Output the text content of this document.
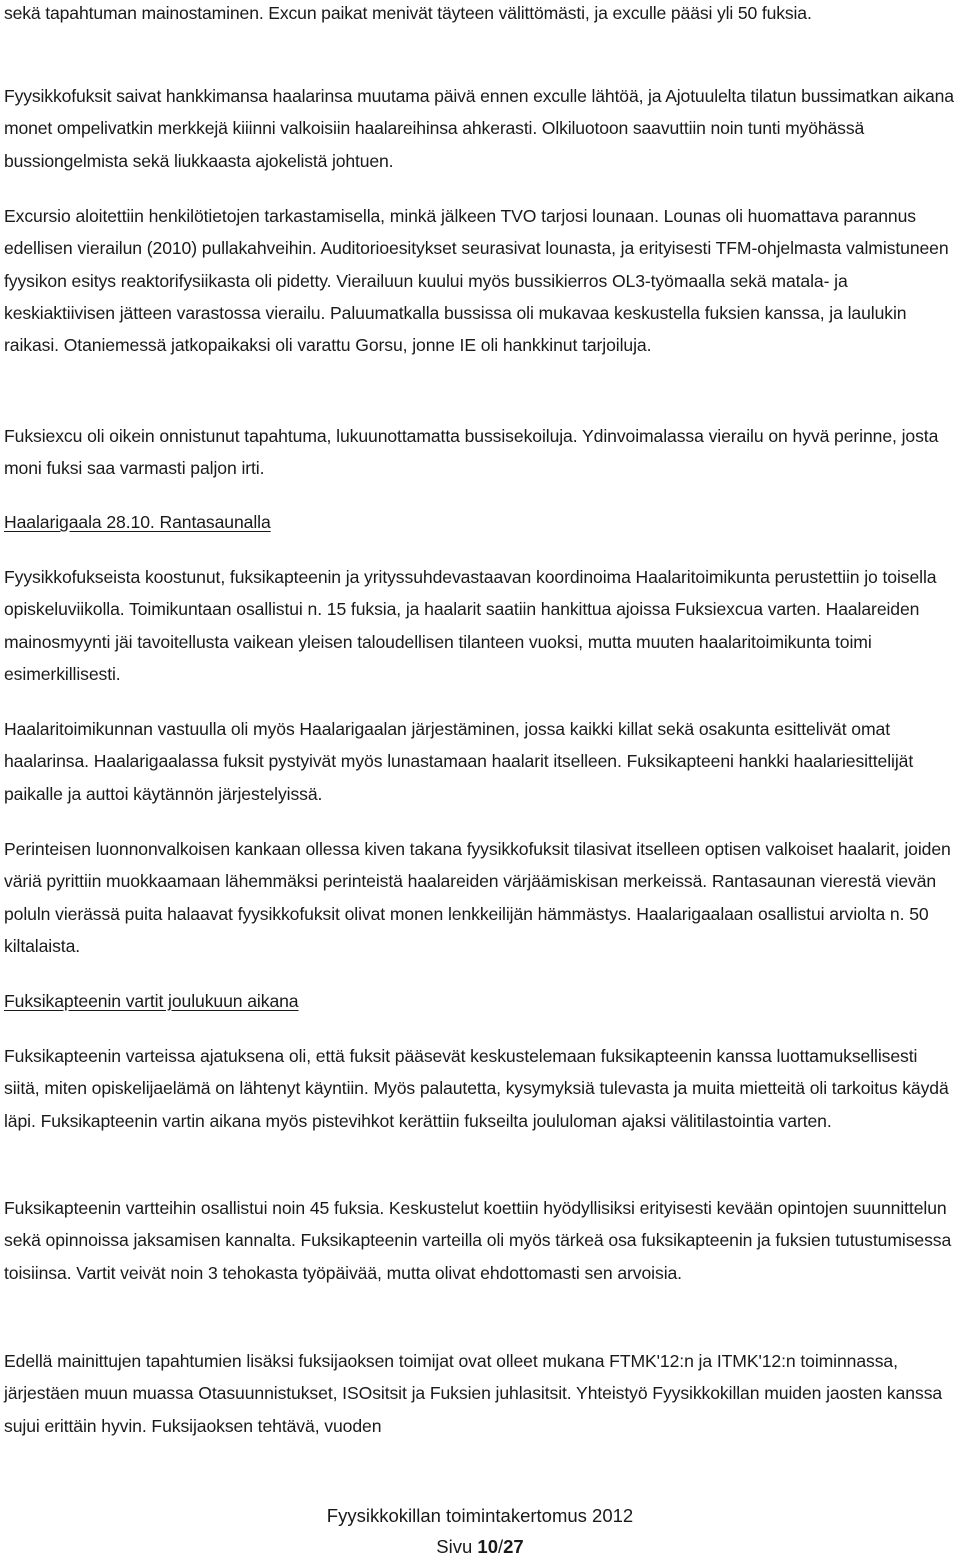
sekä tapahtuman mainostaminen. Excun paikat menivät täyteen välittömästi, ja exculle pääsi yli 50 fuksia.

Fyysikkofuksit saivat hankkimansa haalarinsa muutama päivä ennen exculle lähtöä, ja Ajotuulelta tilatun bussimatkan aikana monet ompelivatkin merkkejä kiiinni valkoisiin haalareihinsa ahkerasti. Olkiluotoon saavuttiin noin tunti myöhässä bussiongelmista sekä liukkaasta ajokelistä johtuen.

Excursio aloitettiin henkilötietojen tarkastamisella, minkä jälkeen TVO tarjosi lounaan. Lounas oli huomattava parannus edellisen vierailun (2010) pullakahveihin. Auditorioesitykset seurasivat lounasta, ja erityisesti TFM-ohjelmasta valmistuneen fyysikon esitys reaktorifysiikasta oli pidetty. Vierailuun kuului myös bussikierros OL3-työmaalla sekä matala- ja keskiaktiivisen jätteen varastossa vierailu. Paluumatkalla bussissa oli mukavaa keskustella fuksien kanssa, ja laulukin raikasi. Otaniemessä jatkopaikaksi oli varattu Gorsu, jonne IE oli hankkinut tarjoiluja.

Fuksiexcu oli oikein onnistunut tapahtuma, lukuunottamatta bussisekoiluja. Ydinvoimalassa vierailu on hyvä perinne, josta moni fuksi saa varmasti paljon irti.

Haalarigaala 28.10. Rantasaunalla

Fyysikkofukseista koostunut, fuksikapteenin ja yrityssuhdevastaavan koordinoima Haalaritoimikunta perustettiin jo toisella opiskeluviikolla. Toimikuntaan osallistui n. 15 fuksia, ja haalarit saatiin hankittua ajoissa Fuksiexcua varten. Haalareiden mainosmyynti jäi tavoitellusta vaikean yleisen taloudellisen tilanteen vuoksi, mutta muuten haalaritoimikunta toimi esimerkillisesti.

Haalaritoimikunnan vastuulla oli myös Haalarigaalan järjestäminen, jossa kaikki killat sekä osakunta esittelivät omat haalarinsa. Haalarigaalassa fuksit pystyivät myös lunastamaan haalarit itselleen. Fuksikapteeni hankki haalariesittelijät paikalle ja auttoi käytännön järjestelyissä.

Perinteisen luonnonvalkoisen kankaan ollessa kiven takana fyysikkofuksit tilasivat itselleen optisen valkoiset haalarit, joiden väriä pyrittiin muokkaamaan lähemmäksi perinteistä haalareiden värjäämiskisan merkeissä. Rantasaunan vierestä vievän poluln vierässä puita halaavat fyysikkofuksit olivat monen lenkkeilijän hämmästys. Haalarigaalaan osallistui arviolta n. 50 kiltalaista.

Fuksikapteenin vartit joulukuun aikana

Fuksikapteenin varteissa ajatuksena oli, että fuksit pääsevät keskustelemaan fuksikapteenin kanssa luottamuksellisesti siitä, miten opiskelijaelämä on lähtenyt käyntiin. Myös palautetta, kysymyksiä tulevasta ja muita mietteitä oli tarkoitus käydä läpi. Fuksikapteenin vartin aikana myös pistevihkot kerättiin fukseilta joululoman ajaksi välitilastointia varten.

Fuksikapteenin vartteihin osallistui noin 45 fuksia. Keskustelut koettiin hyödyllisiksi erityisesti kevään opintojen suunnittelun sekä opinnoissa jaksamisen kannalta. Fuksikapteenin varteilla oli myös tärkeä osa fuksikapteenin ja fuksien tutustumisessa toisiinsa. Vartit veivät noin 3 tehokasta työpäivää, mutta olivat ehdottomasti sen arvoisia.

Edellä mainittujen tapahtumien lisäksi fuksijaoksen toimijat ovat olleet mukana FTMK'12:n ja ITMK'12:n toiminnassa, järjestäen muun muassa Otasuunnistukset, ISOsitsit ja Fuksien juhlasitsit. Yhteistyö Fyysikkokillan muiden jaosten kanssa sujui erittäin hyvin. Fuksijaoksen tehtävä, vuoden

Fyysikkokillan toimintakertomus 2012
Sivu 10/27
